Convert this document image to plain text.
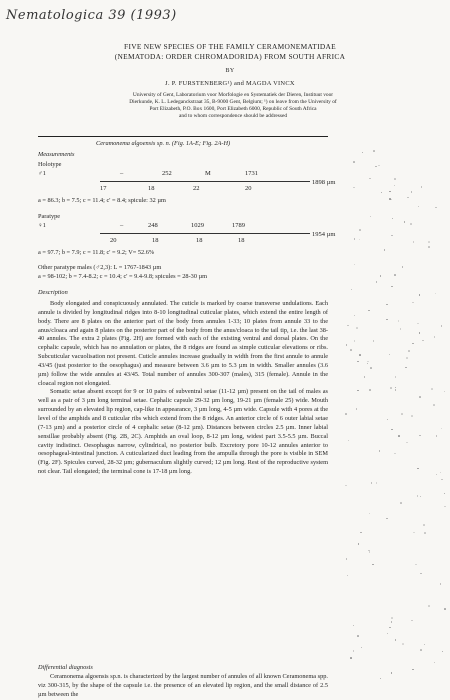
Nematologica 39 (1993)
FIVE NEW SPECIES OF THE FAMILY CERAMONEMATIDAE
(NEMATODA: ORDER CHROMADORIDA) FROM SOUTH AFRICA
BY
J. P. FURSTENBERG¹) and MAGDA VINCX
University of Gent, Laboratorium voor Morfologie en Systematiek der Dieren, Instituut voor
Dierkunde, K. L. Ledeganckstraat 35, B-9000 Gent, Belgium; ¹) on leave from the University of
Port Elizabeth, P.O. Box 1600, Port Elizabeth 6000, Republic of South Africa
and to whom correspondence should be addressed
Ceramonema algoensis sp. n. (Fig. 1A-E; Fig. 2A-H)
Measurements
Holotype
♂1	–	252	M	1731
17	18	22	20
1898 µm
a = 86.3; b = 7.5; c = 11.4; c' = 8.4; spicule: 32 µm
Paratype
♀1	–	248	1029	1789
20	18	18	18
1954 µm
a = 97.7; b = 7.9; c = 11.8; c' = 9.2; V= 52.6%
Other paratype males (♂2,3): L = 1767-1843 µm
a = 98-102; b = 7.4-8.2; c = 10.4; c' = 9.4-9.8; spicules = 28-30 µm
Description

Body elongated and conspicuously annulated. The cuticle is marked by coarse transverse undulations. Each annule is divided by longitudinal ridges into 8-10 longitudinal cuticular plates, which extend the entire length of body. There are 8 plates on the anterior part of the body from annules 1-33; 10 plates from annule 33 to the anus/cloaca and again 8 plates on the posterior part of the body from the anus/cloaca to the tail tip, i.e. the last 38-40 annules. The extra 2 plates (Fig. 2H) are formed with each of the existing ventral and dorsal plates. On the cephalic capsule, which has no annulation or plates, the 8 ridges are found as simple cuticular elevations or ribs. Subcuticular vacuolisation not present. Cuticle annules increase gradually in width from the first annule to annule 43/45 (just posterior to the oesophagus) and measure between 3.6 µm to 5.3 µm in width. Smaller annules (3.6 µm) follow the wide annules at 43/45. Total number of annules 300-307 (males), 315 (female). Annule in the cloacal region not elongated.

Somatic setae absent except for 9 or 10 pairs of subventral setae (11-12 µm) present on the tail of males as well as a pair of 3 µm long terminal setae. Cephalic capsule 29-32 µm long, 19-21 µm (female 25) wide. Mouth surrounded by an elevated lip region, cap-like in appearance, 3 µm long, 4-5 µm wide. Capsule with 4 pores at the level of the amphids and 8 cuticular ribs which extend from the 8 ridges. An anterior circle of 6 outer labial setae (7-13 µm) and a posterior circle of 4 cephalic setae (8-12 µm). Distances between circles 2.5 µm. Inner labial sensillae probably absent (Fig. 2B, 2C). Amphids an oval loop, 8-12 µm long, widest part 3.5-5.5 µm. Buccal cavity indistinct. Oesophagus narrow, cylindrical, no posterior bulb. Excretory pore 10-12 annules anterior to oesophageal-intestinal junction. A cuticularized duct leading from the ampulla through the pore is visible in SEM (Fig. 2F). Spicules curved, 28-32 µm; gubernaculum slightly curved; 12 µm long. Rest of the reproductive system not clear. Tail elongated; the terminal cone is 17-18 µm long.

Differential diagnosis

Ceramonema algoensis sp.n. is characterized by the largest number of annules of all known Ceramonema spp. viz 300-315, by the shape of the capsule i.e. the presence of an elevated lip region, and the small distance of 2.5 µm between the
